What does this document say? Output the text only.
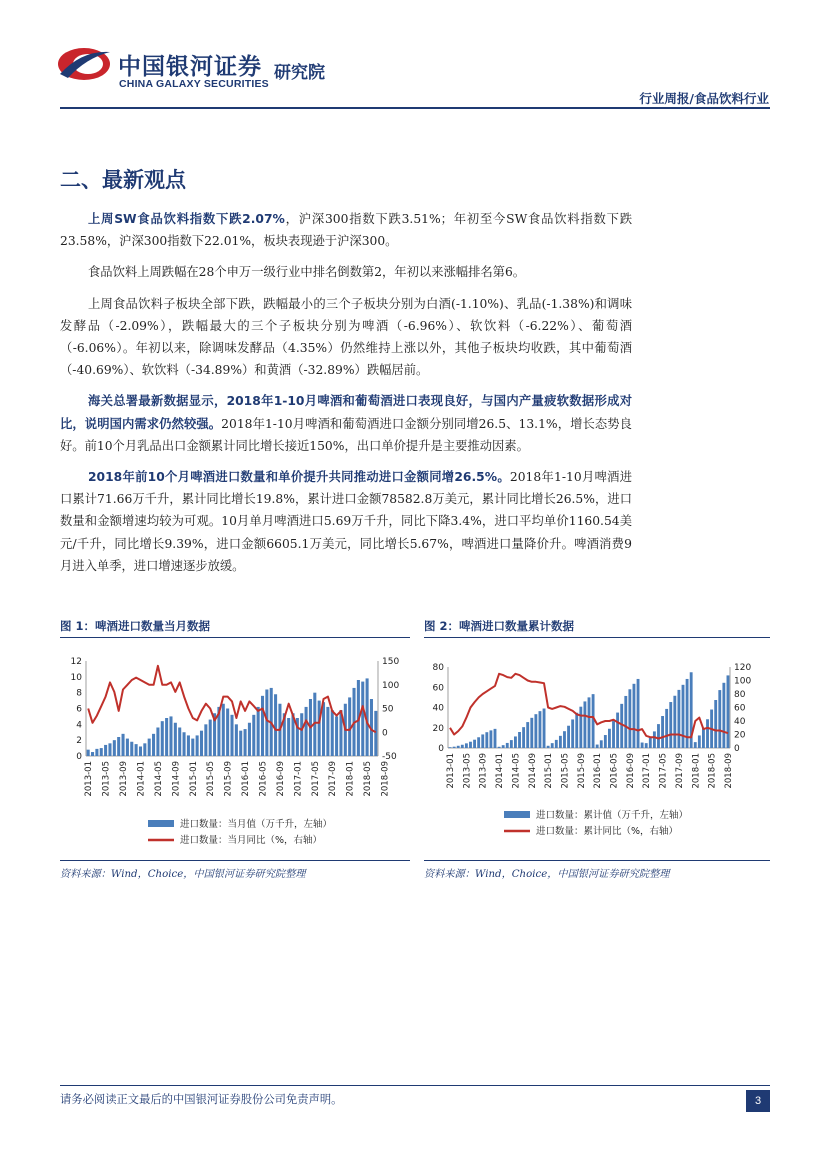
中国银河证券
CHINA GALAXY SECURITIES
研究院
行业周报/食品饮料行业
二、最新观点

上周SW食品饮料指数下跌2.07%，沪深300指数下跌3.51%；年初至今SW食品饮料指数下跌23.58%，沪深300指数下22.01%，板块表现逊于沪深300。

食品饮料上周跌幅在28个申万一级行业中排名倒数第2，年初以来涨幅排名第6。

上周食品饮料子板块全部下跌，跌幅最小的三个子板块分别为白酒(-1.10%)、乳品(-1.38%)和调味发酵品（-2.09%），跌幅最大的三个子板块分别为啤酒（-6.96%）、软饮料（-6.22%）、葡萄酒（-6.06%）。年初以来，除调味发酵品（4.35%）仍然维持上涨以外，其他子板块均收跌，其中葡萄酒（-40.69%）、软饮料（-34.89%）和黄酒（-32.89%）跌幅居前。

海关总署最新数据显示，2018年1-10月啤酒和葡萄酒进口表现良好，与国内产量疲软数据形成对比，说明国内需求仍然较强。2018年1-10月啤酒和葡萄酒进口金额分别同增26.5、13.1%，增长态势良好。前10个月乳品出口金额累计同比增长接近150%，出口单价提升是主要推动因素。

2018年前10个月啤酒进口数量和单价提升共同推动进口金额同增26.5%。2018年1-10月啤酒进口累计71.66万千升，累计同比增长19.8%，累计进口金额78582.8万美元，累计同比增长26.5%，进口数量和金额增速均较为可观。10月单月啤酒进口5.69万千升，同比下降3.4%，进口平均单价1160.54美元/千升，同比增长9.39%，进口金额6605.1万美元，同比增长5.67%，啤酒进口量降价升。啤酒消费9月进入单季，进口增速逐步放缓。

图 1：啤酒进口数量当月数据	图 2：啤酒进口数量累计数据
0
2
4
6
8
10
12
-50
0
50
100
150
2013-01 2013-05 2013-09 2014-01 2014-05 2014-09 2015-01 2015-05 2015-09 2016-01 2016-05 2016-09 2017-01 2017-05 2017-09 2018-01 2018-05 2018-09
进口数量：当月值（万千升，左轴）
进口数量：当月同比（%，右轴）
0
20
40
60
80
0
20
40
60
80
100
120
2013-01 2013-05 2013-09 2014-01 2014-05 2014-09 2015-01 2015-05 2015-09 2016-01 2016-05 2016-09 2017-01 2017-05 2017-09 2018-01 2018-05 2018-09
进口数量：累计值（万千升，左轴）
进口数量：累计同比（%，右轴）
资料来源：Wind，Choice，中国银河证券研究院整理	资料来源：Wind，Choice，中国银河证券研究院整理
请务必阅读正文最后的中国银河证券股份公司免责声明。	3
